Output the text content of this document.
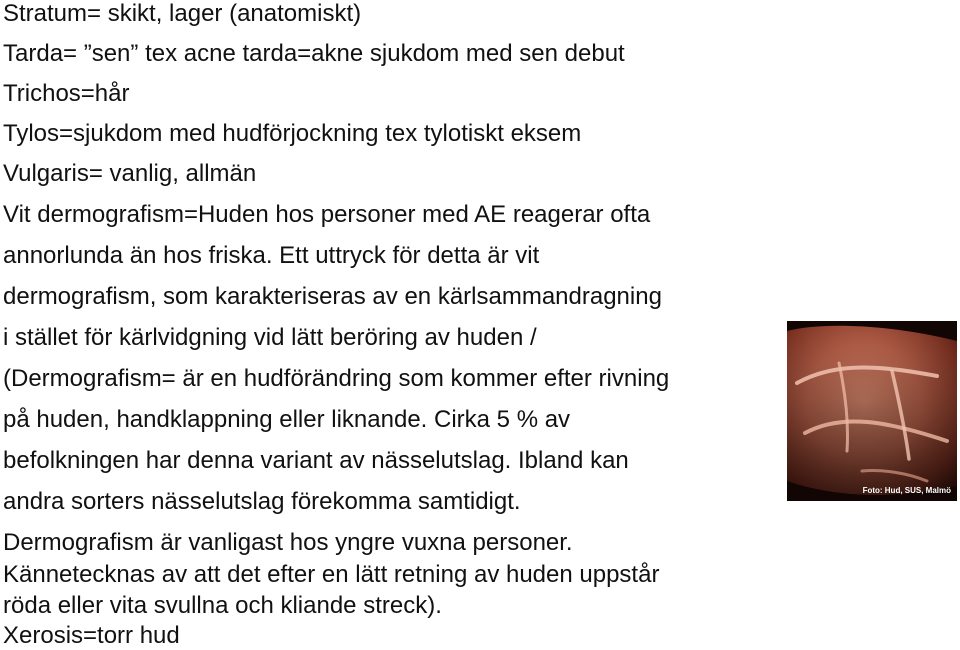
Stratum= skikt, lager (anatomiskt)
Tarda= ”sen” tex acne tarda=akne sjukdom med sen debut
Trichos=hår
Tylos=sjukdom med hudförjockning tex tylotiskt eksem
Vulgaris= vanlig, allmän
Vit dermografism=Huden hos personer med AE reagerar ofta
annorlunda än hos friska. Ett uttryck för detta är vit
dermografism, som karakteriseras av en kärlsammandragning
i stället för kärlvidgning vid lätt beröring av huden /
(Dermografism= är en hudförändring som kommer efter rivning
på huden, handklappning eller liknande. Cirka 5 % av
befolkningen har denna variant av nässelutslag. Ibland kan
andra sorters nässelutslag förekomma samtidigt.
Dermografism är vanligast hos yngre vuxna personer.
Kännetecknas av att det efter en lätt retning av huden uppstår
röda eller vita svullna och kliande streck).
Xerosis=torr hud
Foto: Hud, SUS, Malmö
